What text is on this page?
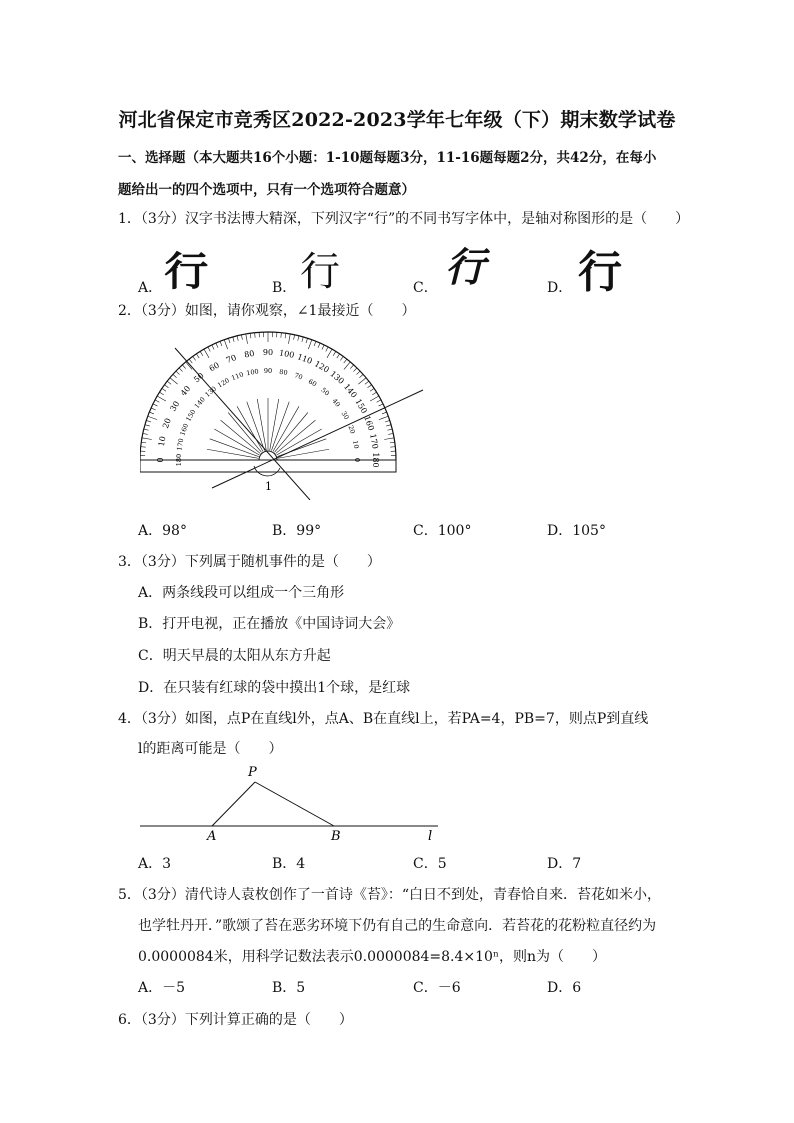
河北省保定市竞秀区2022-2023学年七年级（下）期末数学试卷
一、选择题（本大题共16个小题：1-10题每题3分，11-16题每题2分，共42分，在每小
题给出一的四个选项中，只有一个选项符合题意）
1．（3分）汉字书法博大精深，下列汉字“行”的不同书写字体中，是轴对称图形的是（　　）
A． 行	B． 行	C． 行	D． 行
2．（3分）如图，请你观察，∠1最接近（　　）
0 180
10 170
20 160
30
150
40
140
50
130
60
120
70
110
80
100
90
90
100
80
110
70
120
60 130
50 140
40 150
30 160
20
170
10
180
0
1
A．98°	B．99°	C．100°	D．105°
3．（3分）下列属于随机事件的是（　　）
A．两条线段可以组成一个三角形
B．打开电视，正在播放《中国诗词大会》
C．明天早晨的太阳从东方升起
D．在只装有红球的袋中摸出1个球，是红球
4．（3分）如图，点P在直线l外，点A、B在直线l上，若PA=4，PB=7，则点P到直线
l的距离可能是（　　）
P
A	B	l
A．3	B．4	C．5	D．7
5．（3分）清代诗人袁枚创作了一首诗《苔》：“白日不到处，青春恰自来．苔花如米小，
也学牡丹开．”歌颂了苔在恶劣环境下仍有自己的生命意向．若苔花的花粉粒直径约为
0.0000084米，用科学记数法表示0.0000084=8.4×10ⁿ，则n为（　　）
A．－5	B．5	C．－6	D．6
6．（3分）下列计算正确的是（　　）
